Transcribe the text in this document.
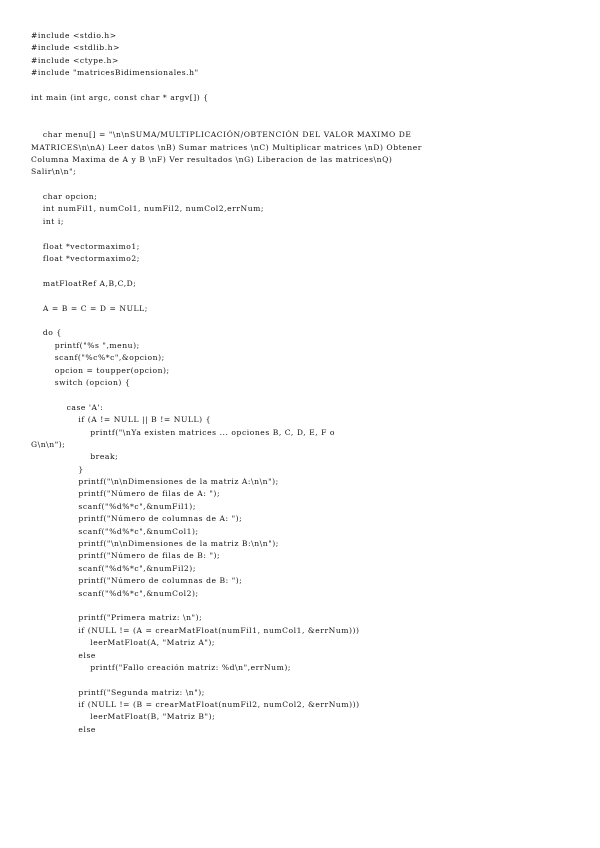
#include <stdio.h>
#include <stdlib.h>
#include <ctype.h>
#include "matricesBidimensionales.h"

int main (int argc, const char * argv[]) {

char menu[] = "\n\nSUMA/MULTIPLICACIÓN/OBTENCIÓN DEL VALOR MAXIMO DE
MATRICES\n\nA) Leer datos \nB) Sumar matrices \nC) Multiplicar matrices \nD) Obtener
Columna Maxima de A y B \nF) Ver resultados \nG) Liberacion de las matrices\nQ)
Salir\n\n";

char opcion;
int numFil1, numCol1, numFil2, numCol2,errNum;
int i;

float *vectormaximo1;
float *vectormaximo2;

matFloatRef A,B,C,D;

A = B = C = D = NULL;

do {
printf("%s ",menu);
scanf("%c%*c",&opcion);
opcion = toupper(opcion);
switch (opcion) {

case 'A':
if (A != NULL || B != NULL) {
printf("\nYa existen matrices ... opciones B, C, D, E, F o
G\n\n");
break;
}
printf("\n\nDimensiones de la matriz A:\n\n");
printf("Número de filas de A: ");
scanf("%d%*c",&numFil1);
printf("Número de columnas de A: ");
scanf("%d%*c",&numCol1);
printf("\n\nDimensiones de la matriz B:\n\n");
printf("Número de filas de B: ");
scanf("%d%*c",&numFil2);
printf("Número de columnas de B: ");
scanf("%d%*c",&numCol2);

printf("Primera matriz: \n");
if (NULL != (A = crearMatFloat(numFil1, numCol1, &errNum)))
leerMatFloat(A, "Matriz A");
else
printf("Fallo creación matriz: %d\n",errNum);

printf("Segunda matriz: \n");
if (NULL != (B = crearMatFloat(numFil2, numCol2, &errNum)))
leerMatFloat(B, "Matriz B");
else
